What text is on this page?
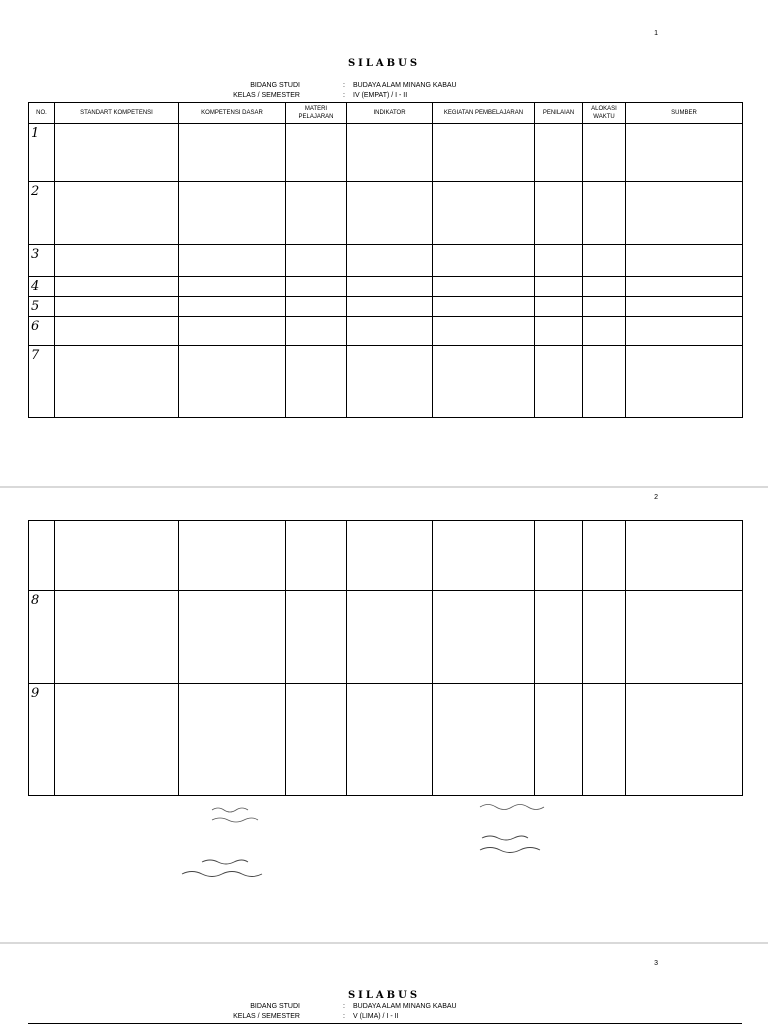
1
SILABUS
BIDANG STUDI	: BUDAYA ALAM MINANG KABAU
KELAS / SEMESTER	: IV (EMPAT) / I - II
NO.	STANDART KOMPETENSI	KOMPETENSI DASAR	MATERI PELAJARAN	INDIKATOR	KEGIATAN PEMBELAJARAN	PENILAIAN	ALOKASI WAKTU	SUMBER
1								
2								
3								
4								
5								
6								
7								
2

8								
9								
3
SILABUS
BIDANG STUDI	: BUDAYA ALAM MINANG KABAU
KELAS / SEMESTER	: V (LIMA) / I - II
